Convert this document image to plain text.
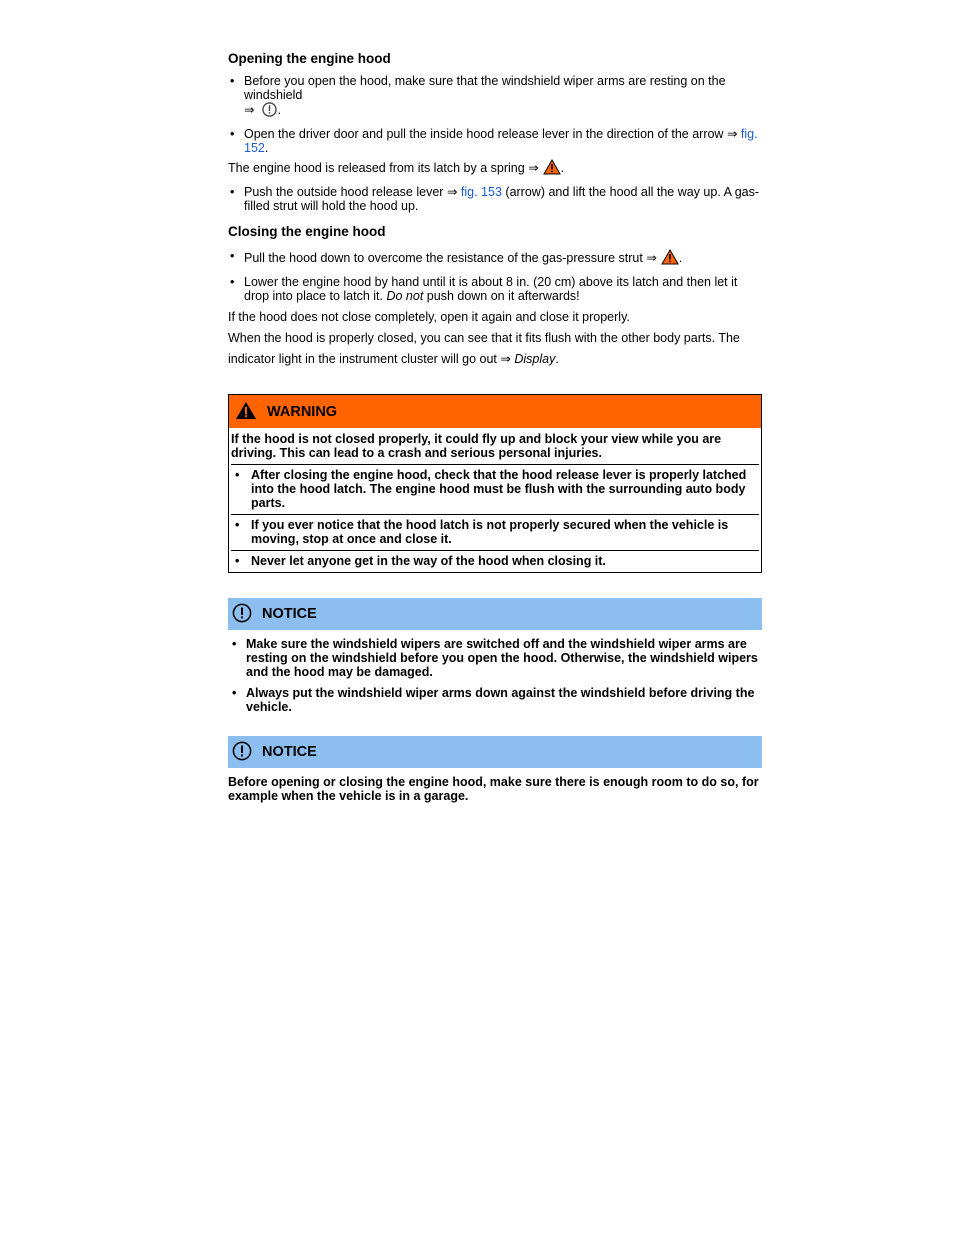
Opening the engine hood
• Before you open the hood, make sure that the windshield wiper arms are resting on the windshield
⇒ .
• Open the driver door and pull the inside hood release lever in the direction of the arrow ⇒ fig. 152.
The engine hood is released from its latch by a spring ⇒ .
• Push the outside hood release lever ⇒ fig. 153 (arrow) and lift the hood all the way up. A gas-filled strut will hold the hood up.
Closing the engine hood
• Pull the hood down to overcome the resistance of the gas-pressure strut ⇒ .
• Lower the engine hood by hand until it is about 8 in. (20 cm) above its latch and then let it drop into place to latch it. Do not push down on it afterwards!
If the hood does not close completely, open it again and close it properly.
When the hood is properly closed, you can see that it fits flush with the other body parts. The indicator light in the instrument cluster will go out ⇒ Display.
WARNING
If the hood is not closed properly, it could fly up and block your view while you are driving. This can lead to a crash and serious personal injuries.
• After closing the engine hood, check that the hood release lever is properly latched into the hood latch. The engine hood must be flush with the surrounding auto body parts.
• If you ever notice that the hood latch is not properly secured when the vehicle is moving, stop at once and close it.
• Never let anyone get in the way of the hood when closing it.
NOTICE
• Make sure the windshield wipers are switched off and the windshield wiper arms are resting on the windshield before you open the hood. Otherwise, the windshield wipers and the hood may be damaged.
• Always put the windshield wiper arms down against the windshield before driving the vehicle.
NOTICE
Before opening or closing the engine hood, make sure there is enough room to do so, for example when the vehicle is in a garage.
